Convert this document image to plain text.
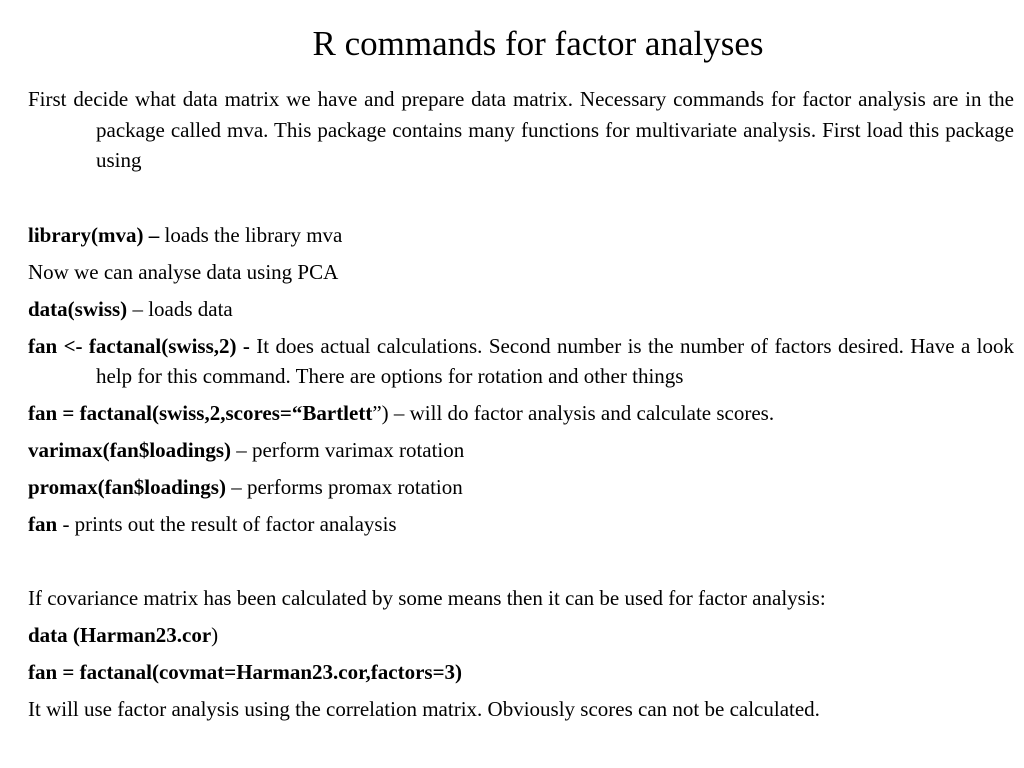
R commands for factor analyses

First decide what data matrix we have and prepare data matrix. Necessary commands for factor analysis are in the package called mva. This package contains many functions for multivariate analysis. First load this package using

library(mva) – loads the library mva

Now we can analyse data using PCA

data(swiss) – loads data

fan <- factanal(swiss,2) - It does actual calculations. Second number is the number of factors desired. Have a look help for this command. There are options for rotation and other things

fan = factanal(swiss,2,scores=“Bartlett”) – will do factor analysis and calculate scores.

varimax(fan$loadings) – perform varimax rotation

promax(fan$loadings) – performs promax rotation

fan - prints out the result of factor analaysis

If covariance matrix has been calculated by some means then it can be used for factor analysis:

data (Harman23.cor)

fan = factanal(covmat=Harman23.cor,factors=3)

It will use factor analysis using the correlation matrix. Obviously scores can not be calculated.
